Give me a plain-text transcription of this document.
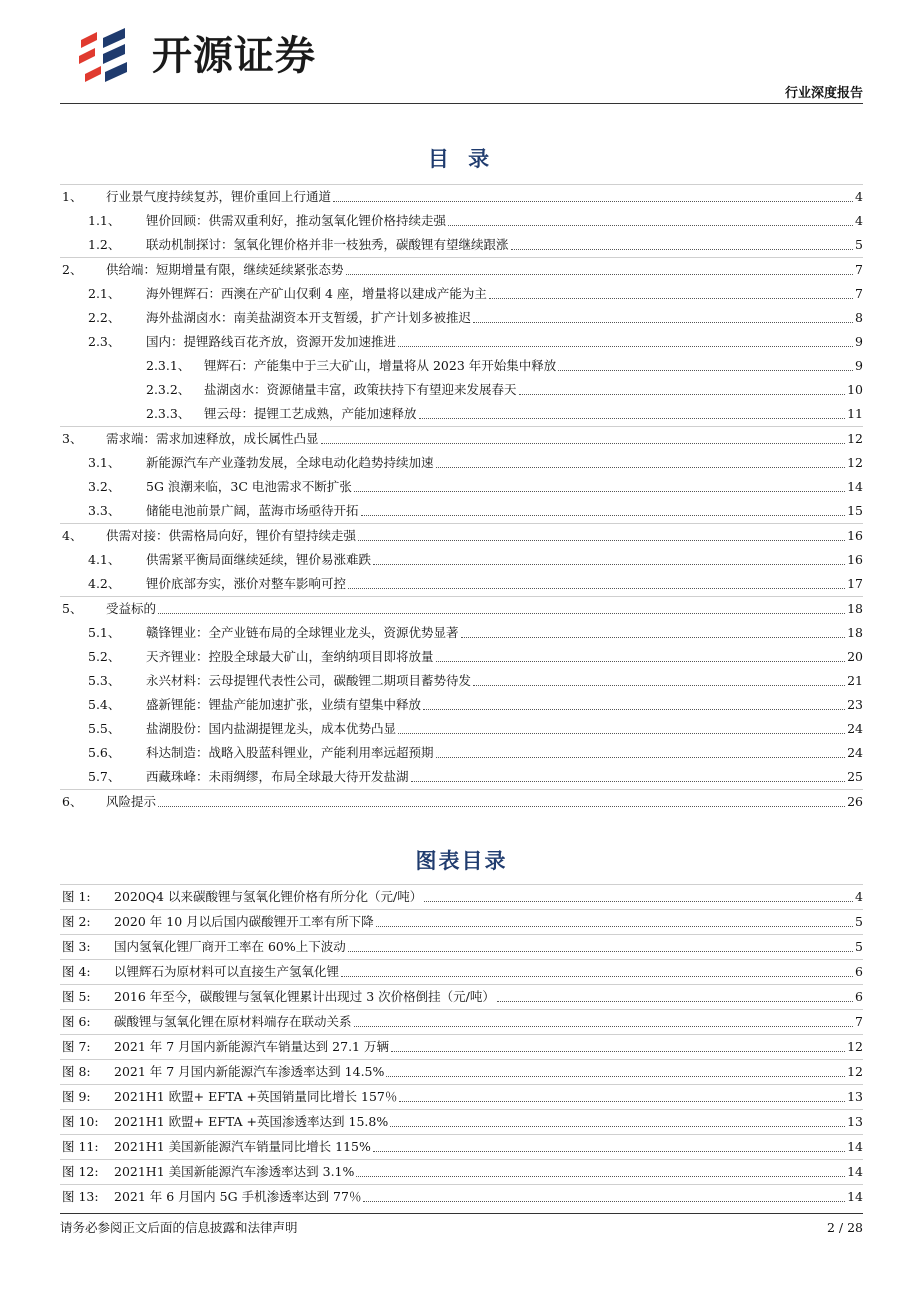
开源证券
行业深度报告
目 录
1、	行业景气度持续复苏，锂价重回上行通道	4
1.1、	锂价回顾：供需双重利好，推动氢氧化锂价格持续走强	4
1.2、	联动机制探讨：氢氧化锂价格并非一枝独秀，碳酸锂有望继续跟涨	5
2、	供给端：短期增量有限，继续延续紧张态势	7
2.1、	海外锂辉石：西澳在产矿山仅剩 4 座，增量将以建成产能为主	7
2.2、	海外盐湖卤水：南美盐湖资本开支暂缓，扩产计划多被推迟	8
2.3、	国内：提锂路线百花齐放，资源开发加速推进	9
2.3.1、	锂辉石：产能集中于三大矿山，增量将从 2023 年开始集中释放	9
2.3.2、	盐湖卤水：资源储量丰富，政策扶持下有望迎来发展春天	10
2.3.3、	锂云母：提锂工艺成熟，产能加速释放	11
3、	需求端：需求加速释放，成长属性凸显	12
3.1、	新能源汽车产业蓬勃发展，全球电动化趋势持续加速	12
3.2、	5G 浪潮来临，3C 电池需求不断扩张	14
3.3、	储能电池前景广阔，蓝海市场亟待开拓	15
4、	供需对接：供需格局向好，锂价有望持续走强	16
4.1、	供需紧平衡局面继续延续，锂价易涨难跌	16
4.2、	锂价底部夯实，涨价对整车影响可控	17
5、	受益标的	18
5.1、	赣锋锂业：全产业链布局的全球锂业龙头，资源优势显著	18
5.2、	天齐锂业：控股全球最大矿山，奎纳纳项目即将放量	20
5.3、	永兴材料：云母提锂代表性公司，碳酸锂二期项目蓄势待发	21
5.4、	盛新锂能：锂盐产能加速扩张，业绩有望集中释放	23
5.5、	盐湖股份：国内盐湖提锂龙头，成本优势凸显	24
5.6、	科达制造：战略入股蓝科锂业，产能利用率远超预期	24
5.7、	西藏珠峰：未雨绸缪，布局全球最大待开发盐湖	25
6、	风险提示	26
图表目录
图 1:	2020Q4 以来碳酸锂与氢氧化锂价格有所分化（元/吨）	4
图 2:	2020 年 10 月以后国内碳酸锂开工率有所下降	5
图 3:	国内氢氧化锂厂商开工率在 60%上下波动	5
图 4:	以锂辉石为原材料可以直接生产氢氧化锂	6
图 5:	2016 年至今，碳酸锂与氢氧化锂累计出现过 3 次价格倒挂（元/吨）	6
图 6:	碳酸锂与氢氧化锂在原材料端存在联动关系	7
图 7:	2021 年 7 月国内新能源汽车销量达到 27.1 万辆	12
图 8:	2021 年 7 月国内新能源汽车渗透率达到 14.5%	12
图 9:	2021H1 欧盟+ EFTA +英国销量同比增长 157％	13
图 10:	2021H1 欧盟+ EFTA +英国渗透率达到 15.8%	13
图 11:	2021H1 美国新能源汽车销量同比增长 115%	14
图 12:	2021H1 美国新能源汽车渗透率达到 3.1%	14
图 13:	2021 年 6 月国内 5G 手机渗透率达到 77％	14
请务必参阅正文后面的信息披露和法律声明	2 / 28
